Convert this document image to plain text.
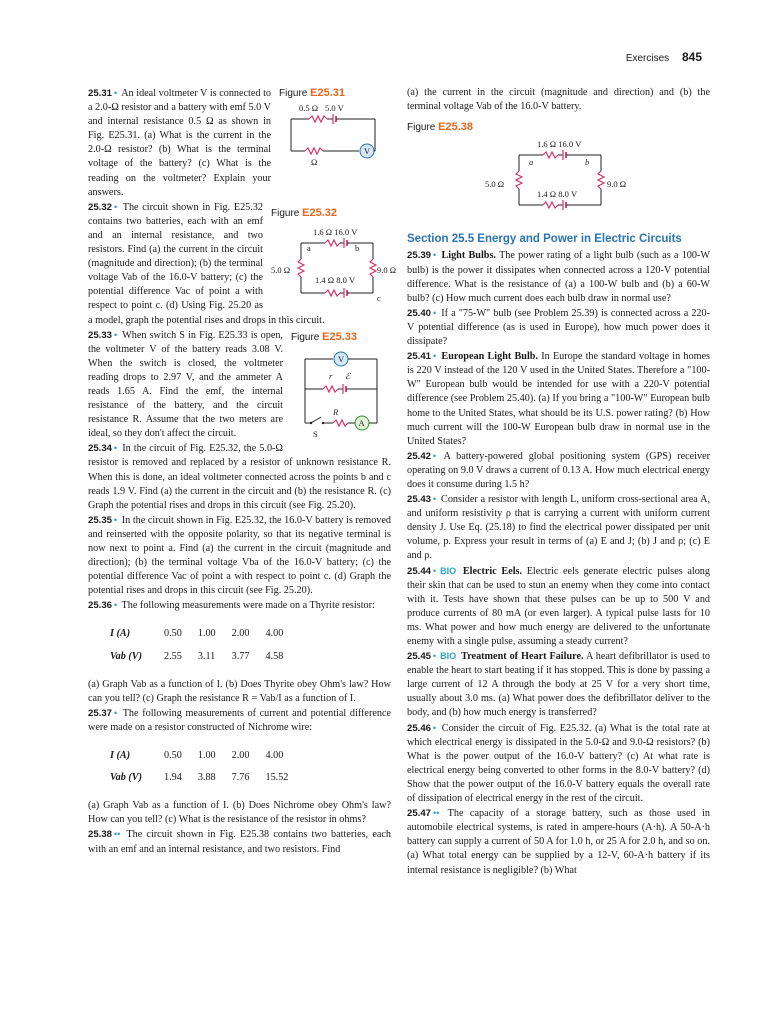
Exercises 845
Figure E25.31
0.5 Ω 5.0 V
Ω
V

25.31 • An ideal voltmeter V is connected to a 2.0-Ω resistor and a battery with emf 5.0 V and internal resistance 0.5 Ω as shown in Fig. E25.31. (a) What is the current in the 2.0-Ω resistor? (b) What is the terminal voltage of the battery? (c) What is the reading on the voltmeter? Explain your answers.

Figure E25.32
1.6 Ω 16.0 V
a	b
5.0 Ω	9.0 Ω
1.4 Ω 8.0 V
c

25.32 • The circuit shown in Fig. E25.32 contains two batteries, each with an emf and an internal resistance, and two resistors. Find (a) the current in the circuit (magnitude and direction); (b) the terminal voltage Vab of the 16.0-V battery; (c) the potential difference Vac of point a with respect to point c. (d) Using Fig. 25.20 as a model, graph the potential rises and drops in this circuit.

Figure E25.33
V
r ℰ
R
A
S

25.33 • When switch S in Fig. E25.33 is open, the voltmeter V of the battery reads 3.08 V. When the switch is closed, the voltmeter reading drops to 2.97 V, and the ammeter A reads 1.65 A. Find the emf, the internal resistance of the battery, and the circuit resistance R. Assume that the two meters are ideal, so they don't affect the circuit.

25.34 • In the circuit of Fig. E25.32, the 5.0-Ω resistor is removed and replaced by a resistor of unknown resistance R. When this is done, an ideal voltmeter connected across the points b and c reads 1.9 V. Find (a) the current in the circuit and (b) the resistance R. (c) Graph the potential rises and drops in this circuit (see Fig. 25.20).

25.35 • In the circuit shown in Fig. E25.32, the 16.0-V battery is removed and reinserted with the opposite polarity, so that its negative terminal is now next to point a. Find (a) the current in the circuit (magnitude and direction); (b) the terminal voltage Vba of the 16.0-V battery; (c) the potential difference Vac of point a with respect to point c. (d) Graph the potential rises and drops in this circuit (see Fig. 25.20).

25.36 • The following measurements were made on a Thyrite resistor:

I (A)	0.50	1.00	2.00	4.00
Vab (V)	2.55	3.11	3.77	4.58

(a) Graph Vab as a function of I. (b) Does Thyrite obey Ohm's law? How can you tell? (c) Graph the resistance R = Vab/I as a function of I.

25.37 • The following measurements of current and potential difference were made on a resistor constructed of Nichrome wire:

I (A)	0.50	1.00	2.00	4.00
Vab (V)	1.94	3.88	7.76	15.52

(a) Graph Vab as a function of I. (b) Does Nichrome obey Ohm's law? How can you tell? (c) What is the resistance of the resistor in ohms?

25.38 •• The circuit shown in Fig. E25.38 contains two batteries, each with an emf and an internal resistance, and two resistors. Find

(a) the current in the circuit (magnitude and direction) and (b) the terminal voltage Vab of the 16.0-V battery.

Figure E25.38
1.6 Ω 16.0 V
a	b
5.0 Ω	9.0 Ω
1.4 Ω 8.0 V
Section 25.5 Energy and Power in Electric Circuits

25.39 • Light Bulbs. The power rating of a light bulb (such as a 100-W bulb) is the power it dissipates when connected across a 120-V potential difference. What is the resistance of (a) a 100-W bulb and (b) a 60-W bulb? (c) How much current does each bulb draw in normal use?

25.40 • If a "75-W" bulb (see Problem 25.39) is connected across a 220-V potential difference (as is used in Europe), how much power does it dissipate?

25.41 • European Light Bulb. In Europe the standard voltage in homes is 220 V instead of the 120 V used in the United States. Therefore a "100-W" European bulb would be intended for use with a 220-V potential difference (see Problem 25.40). (a) If you bring a "100-W" European bulb home to the United States, what should be its U.S. power rating? (b) How much current will the 100-W European bulb draw in normal use in the United States?

25.42 • A battery-powered global positioning system (GPS) receiver operating on 9.0 V draws a current of 0.13 A. How much electrical energy does it consume during 1.5 h?

25.43 • Consider a resistor with length L, uniform cross-sectional area A, and uniform resistivity ρ that is carrying a current with uniform current density J. Use Eq. (25.18) to find the electrical power dissipated per unit volume, p. Express your result in terms of (a) E and J; (b) J and ρ; (c) E and ρ.

25.44 • BIO Electric Eels. Electric eels generate electric pulses along their skin that can be used to stun an enemy when they come into contact with it. Tests have shown that these pulses can be up to 500 V and produce currents of 80 mA (or even larger). A typical pulse lasts for 10 ms. What power and how much energy are delivered to the unfortunate enemy with a single pulse, assuming a steady current?

25.45 • BIO Treatment of Heart Failure. A heart defibrillator is used to enable the heart to start beating if it has stopped. This is done by passing a large current of 12 A through the body at 25 V for a very short time, usually about 3.0 ms. (a) What power does the defibrillator deliver to the body, and (b) how much energy is transferred?

25.46 • Consider the circuit of Fig. E25.32. (a) What is the total rate at which electrical energy is dissipated in the 5.0-Ω and 9.0-Ω resistors? (b) What is the power output of the 16.0-V battery? (c) At what rate is electrical energy being converted to other forms in the 8.0-V battery? (d) Show that the power output of the 16.0-V battery equals the overall rate of dissipation of electrical energy in the rest of the circuit.

25.47 •• The capacity of a storage battery, such as those used in automobile electrical systems, is rated in ampere-hours (A·h). A 50-A·h battery can supply a current of 50 A for 1.0 h, or 25 A for 2.0 h, and so on. (a) What total energy can be supplied by a 12-V, 60-A·h battery if its internal resistance is negligible? (b) What
